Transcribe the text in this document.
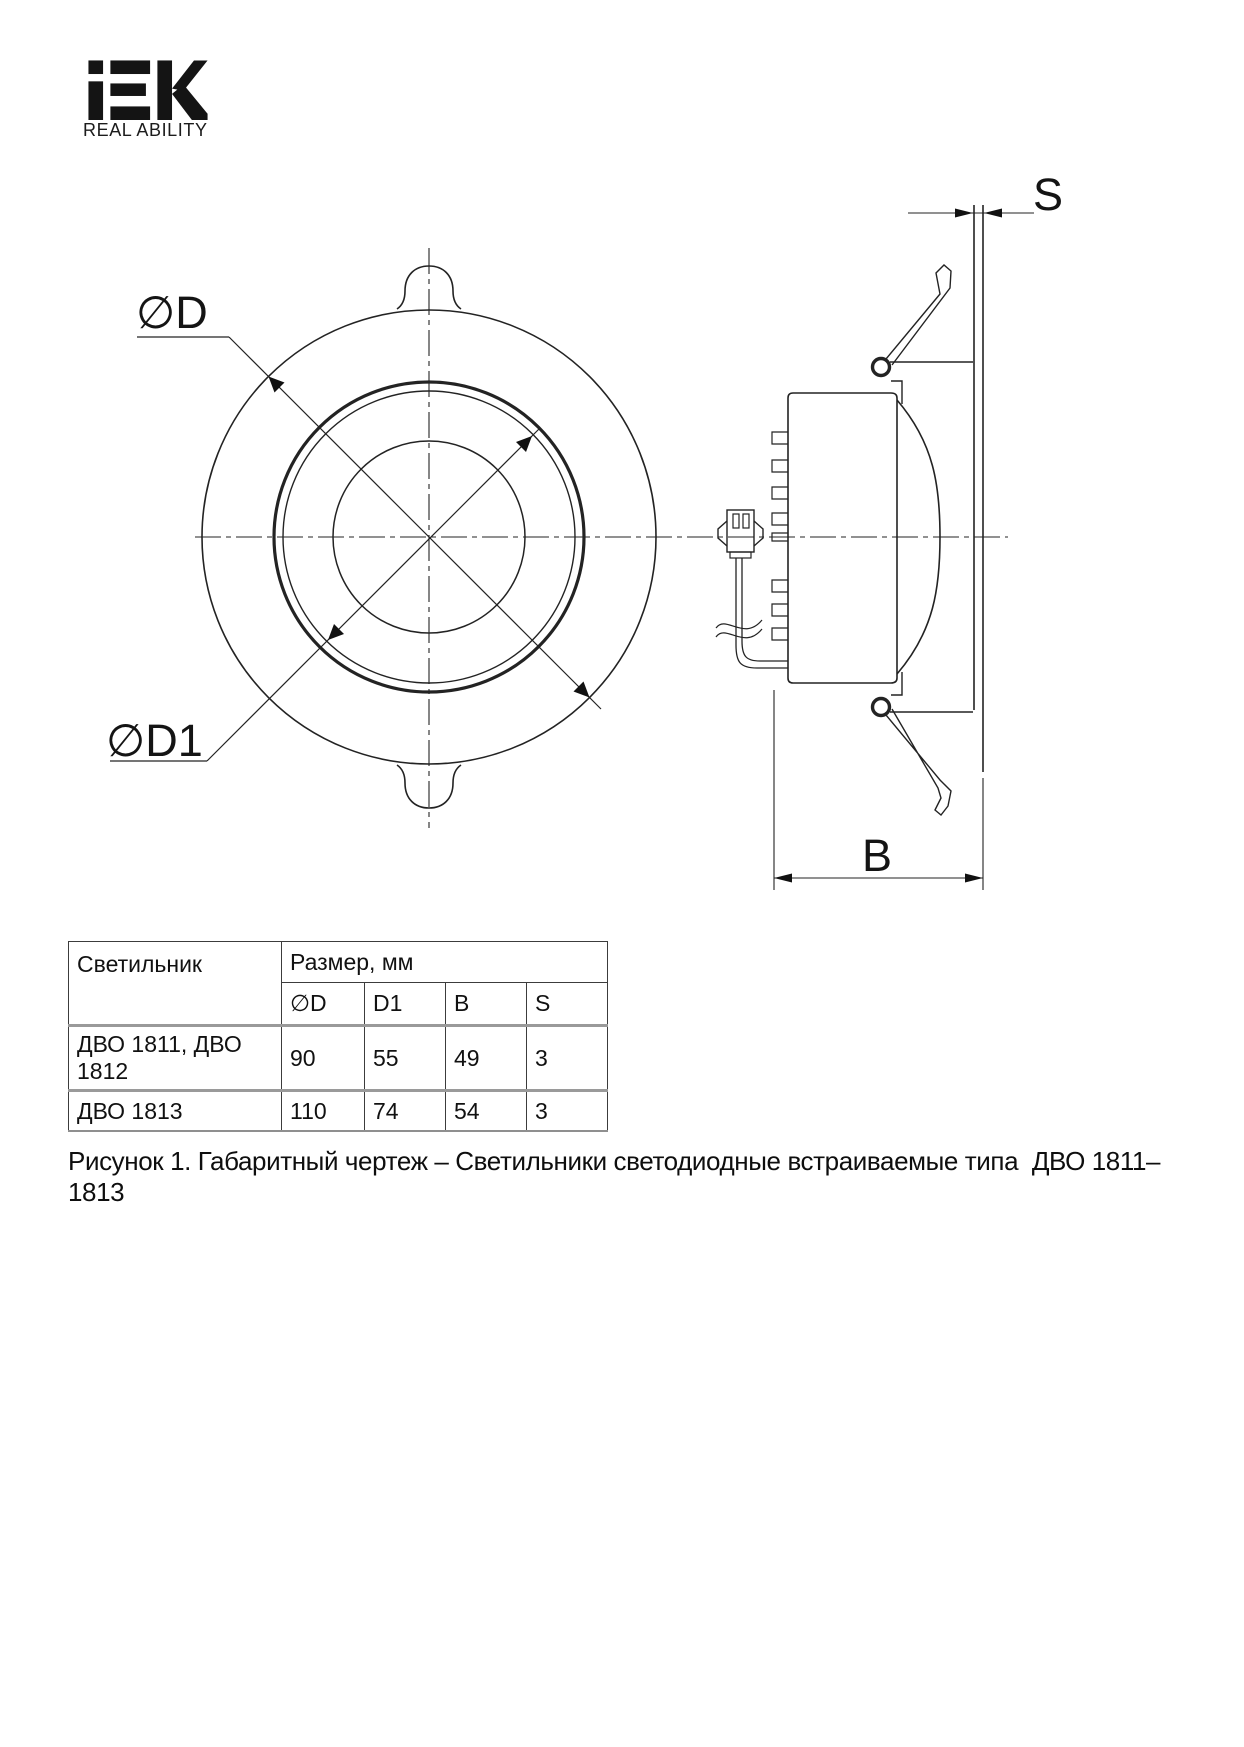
REAL ABILITY
∅D
∅D1
S
B
Светильник	Размер, мм			
	∅D	D1	B	S
ДВО 1811, ДВО 1812	90	55	49	3
ДВО 1813	110	74	54	3
Рисунок 1. Габаритный чертеж – Светильники светодиодные встраиваемые типа  ДВО 1811–1813
